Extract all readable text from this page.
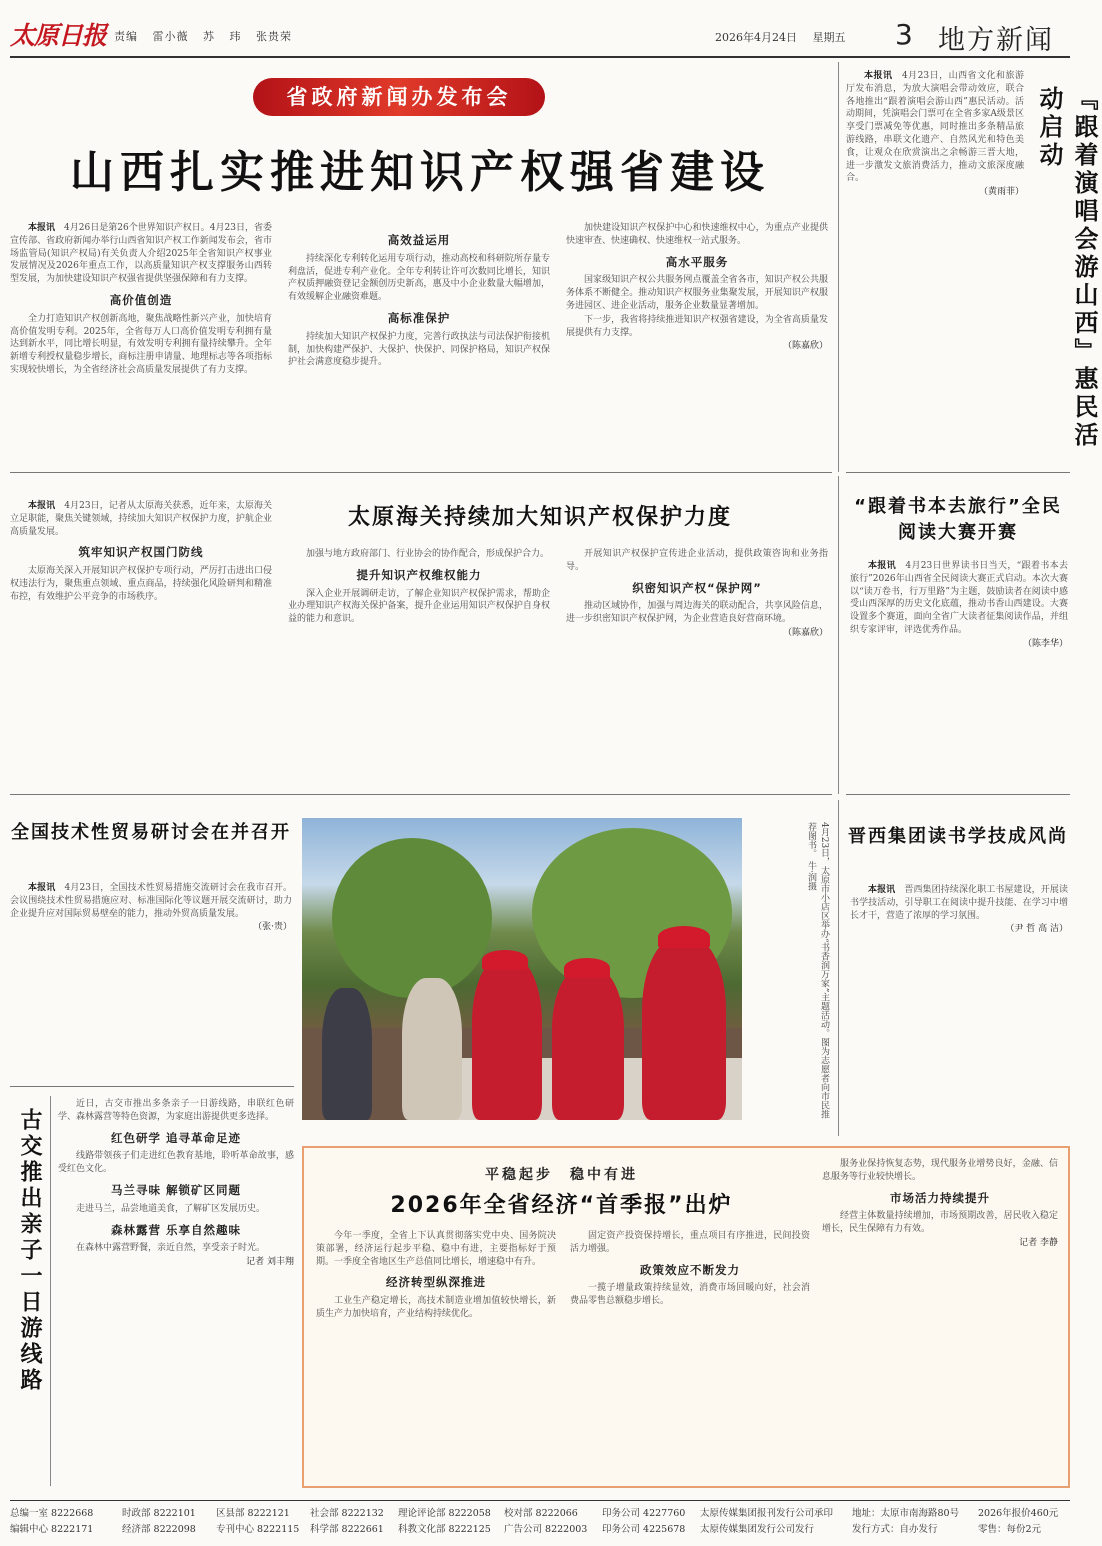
太原日报 责编 雷小薇 苏 玮 张贵荣	2026年4月24日 星期五	3 地方新闻
省政府新闻办发布会
山西扎实推进知识产权强省建设

本报讯　 4月26日是第26个世界知识产权日。4月23日，省委宣传部、省政府新闻办举行山西省知识产权工作新闻发布会，省市场监管局(知识产权局)有关负责人介绍2025年全省知识产权事业发展情况及2026年重点工作，以高质量知识产权支撑服务山西转型发展，为加快建设知识产权强省提供坚强保障和有力支撑。

高价值创造

全力打造知识产权创新高地，聚焦战略性新兴产业，加快培育高价值发明专利。2025年，全省每万人口高价值发明专利拥有量达到新水平，同比增长明显，有效发明专利拥有量持续攀升。全年新增专利授权量稳步增长，商标注册申请量、地理标志等各项指标实现较快增长，为全省经济社会高质量发展提供了有力支撑。

高效益运用

持续深化专利转化运用专项行动，推动高校和科研院所存量专利盘活，促进专利产业化。全年专利转让许可次数同比增长，知识产权质押融资登记金额创历史新高，惠及中小企业数量大幅增加，有效缓解企业融资难题。

高标准保护

持续加大知识产权保护力度，完善行政执法与司法保护衔接机制，加快构建严保护、大保护、快保护、同保护格局，知识产权保护社会满意度稳步提升。

加快建设知识产权保护中心和快速维权中心，为重点产业提供快速审查、快速确权、快速维权一站式服务。

高水平服务

国家级知识产权公共服务网点覆盖全省各市，知识产权公共服务体系不断健全。推动知识产权服务业集聚发展，开展知识产权服务进园区、进企业活动，服务企业数量显著增加。

下一步，我省将持续推进知识产权强省建设，为全省高质量发展提供有力支撑。

（陈嘉欣）

本报讯　 4月23日，山西省文化和旅游厅发布消息，为放大演唱会带动效应，联合各地推出“跟着演唱会游山西”惠民活动。活动期间，凭演唱会门票可在全省多家A级景区享受门票减免等优惠，同时推出多条精品旅游线路，串联文化遗产、自然风光和特色美食，让观众在欣赏演出之余畅游三晋大地，进一步激发文旅消费活力，推动文旅深度融合。

（黄雨菲）	『跟着演唱会游山西』惠民活动启动
太原海关持续加大知识产权保护力度

本报讯　 4月23日，记者从太原海关获悉，近年来，太原海关立足职能，聚焦关键领域，持续加大知识产权保护力度，护航企业高质量发展。

筑牢知识产权国门防线

太原海关深入开展知识产权保护专项行动，严厉打击进出口侵权违法行为，聚焦重点领域、重点商品，持续强化风险研判和精准布控，有效维护公平竞争的市场秩序。

加强与地方政府部门、行业协会的协作配合，形成保护合力。

提升知识产权维权能力

深入企业开展调研走访，了解企业知识产权保护需求，帮助企业办理知识产权海关保护备案，提升企业运用知识产权保护自身权益的能力和意识。

开展知识产权保护宣传进企业活动，提供政策咨询和业务指导。

织密知识产权“保护网”

推动区域协作，加强与周边海关的联动配合，共享风险信息，进一步织密知识产权保护网，为企业营造良好营商环境。

（陈嘉欣）
“跟着书本去旅行”全民阅读大赛开赛

本报讯　 4月23日世界读书日当天，“跟着书本去旅行”2026年山西省全民阅读大赛正式启动。本次大赛以“读万卷书，行万里路”为主题，鼓励读者在阅读中感受山西深厚的历史文化底蕴，推动书香山西建设。大赛设置多个赛道，面向全省广大读者征集阅读作品，并组织专家评审，评选优秀作品。

（陈李华）
全国技术性贸易研讨会在并召开

本报讯　 4月23日，全国技术性贸易措施交流研讨会在我市召开。会议围绕技术性贸易措施应对、标准国际化等议题开展交流研讨，助力企业提升应对国际贸易壁垒的能力，推动外贸高质量发展。

（张·贵）
古交推出亲子一日游线路

近日，古交市推出多条亲子一日游线路，串联红色研学、森林露营等特色资源，为家庭出游提供更多选择。

红色研学 追寻革命足迹

线路带领孩子们走进红色教育基地，聆听革命故事，感受红色文化。

马兰寻味 解锁矿区同题

走进马兰，品尝地道美食，了解矿区发展历史。

森林露营 乐享自然趣味

在森林中露营野餐，亲近自然，享受亲子时光。

记者 刘丰翔
4月23日，太原市小店区举办“书香润万家”主题活动。图为志愿者向市民推荐图书。 牛·润摄
晋西集团读书学技成风尚

本报讯　 晋西集团持续深化职工书屋建设，开展读书学技活动，引导职工在阅读中提升技能、在学习中增长才干，营造了浓厚的学习氛围。

（尹 哲 高 洁）
平稳起步　稳中有进
2026年全省经济“首季报”出炉

今年一季度，全省上下认真贯彻落实党中央、国务院决策部署，经济运行起步平稳、稳中有进，主要指标好于预期。一季度全省地区生产总值同比增长，增速稳中有升。

经济转型纵深推进

工业生产稳定增长，高技术制造业增加值较快增长，新质生产力加快培育，产业结构持续优化。

固定资产投资保持增长，重点项目有序推进，民间投资活力增强。

政策效应不断发力

一揽子增量政策持续显效，消费市场回暖向好，社会消费品零售总额稳步增长。

服务业保持恢复态势，现代服务业增势良好，金融、信息服务等行业较快增长。

市场活力持续提升

经营主体数量持续增加，市场预期改善，居民收入稳定增长，民生保障有力有效。

记者 李静
总编一室 8222668	时政部 8222101 区县部 8222121 社会部 8222132 理论评论部 8222058 校对部 8222066	印务公司 4227760 太原传媒集团报刊发行公司承印 地址：太原市南海路80号 2026年报价460元
编辑中心 8222171	经济部 8222098 专刊中心 8222115 科学部 8222661 科教文化部 8222125 广告公司 8222003 印务公司 4225678 太原传媒集团发行公司发行	发行方式：自办发行	零售：每份2元
